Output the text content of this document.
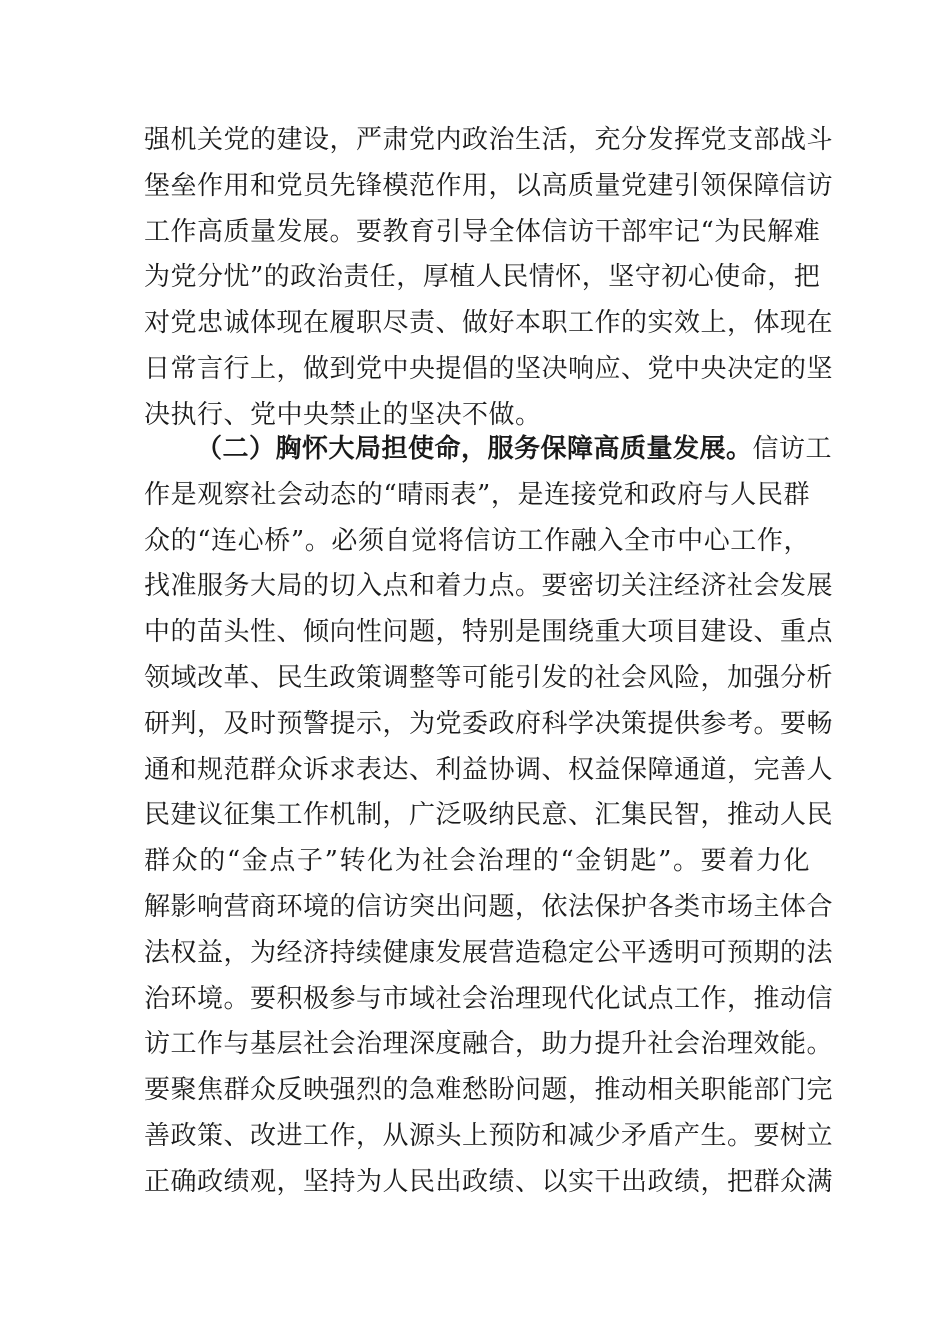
强机关党的建设，严肃党内政治生活，充分发挥党支部战斗
堡垒作用和党员先锋模范作用，以高质量党建引领保障信访
工作高质量发展。要教育引导全体信访干部牢记“为民解难
为党分忧”的政治责任，厚植人民情怀，坚守初心使命，把
对党忠诚体现在履职尽责、做好本职工作的实效上，体现在
日常言行上，做到党中央提倡的坚决响应、党中央决定的坚
决执行、党中央禁止的坚决不做。
（二）胸怀大局担使命，服务保障高质量发展。信访工
作是观察社会动态的“晴雨表”，是连接党和政府与人民群
众的“连心桥”。必须自觉将信访工作融入全市中心工作，
找准服务大局的切入点和着力点。要密切关注经济社会发展
中的苗头性、倾向性问题，特别是围绕重大项目建设、重点
领域改革、民生政策调整等可能引发的社会风险，加强分析
研判，及时预警提示，为党委政府科学决策提供参考。要畅
通和规范群众诉求表达、利益协调、权益保障通道，完善人
民建议征集工作机制，广泛吸纳民意、汇集民智，推动人民
群众的“金点子”转化为社会治理的“金钥匙”。要着力化
解影响营商环境的信访突出问题，依法保护各类市场主体合
法权益，为经济持续健康发展营造稳定公平透明可预期的法
治环境。要积极参与市域社会治理现代化试点工作，推动信
访工作与基层社会治理深度融合，助力提升社会治理效能。
要聚焦群众反映强烈的急难愁盼问题，推动相关职能部门完
善政策、改进工作，从源头上预防和减少矛盾产生。要树立
正确政绩观，坚持为人民出政绩、以实干出政绩，把群众满
